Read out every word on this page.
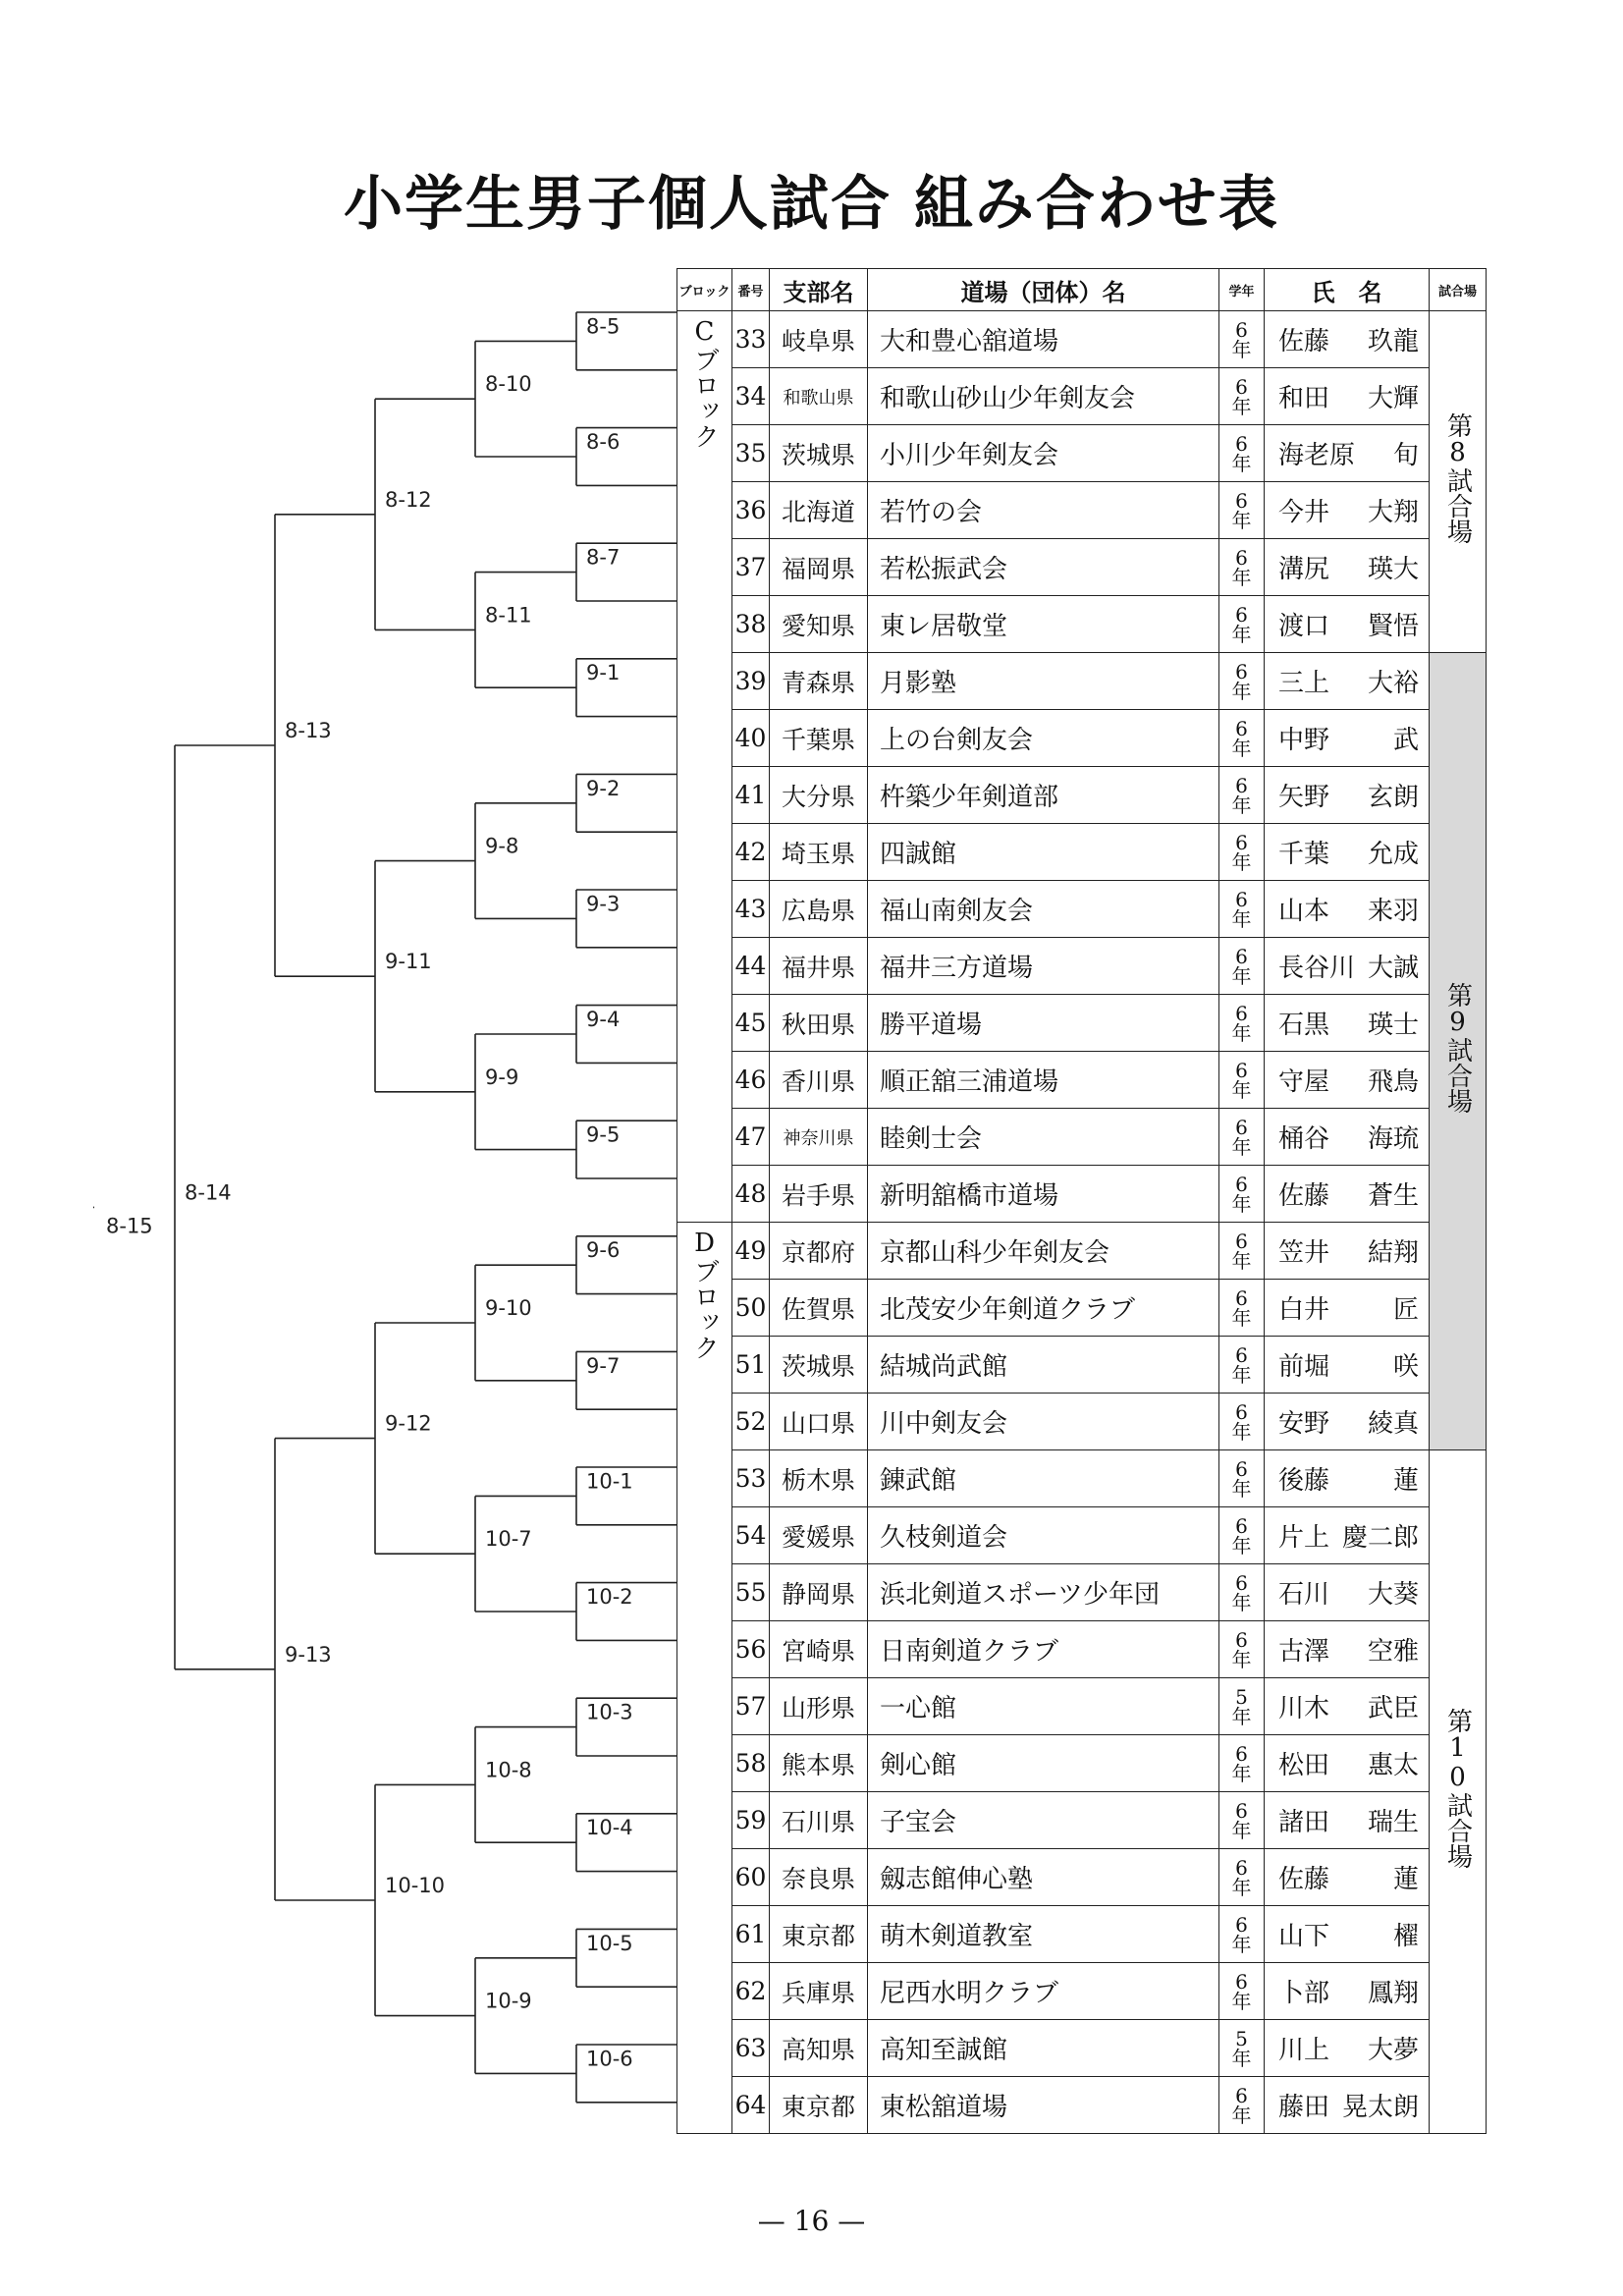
小学生男子個人試合 組み合わせ表
8-5
8-6
8-7
9-1
9-2
9-3
9-4
9-5
9-6
9-7
10-1
10-2
10-3
10-4
10-5
10-6
8-10
8-11
9-8
9-9
9-10
10-7
10-8
10-9
8-12
9-11
9-12
10-10
8-13
9-13
8-14
8-15
ブロック	番号	支部名	道場（団体）名	学年	氏　名	試合場
Cブロック	33	岐阜県	大和豊心舘道場	6
年	佐藤 玖龍	第8試合場
	34	和歌山県	和歌山砂山少年剣友会	6
年	和田 大輝	

	35	茨城県	小川少年剣友会	6
年	海老原 旬	

	36	北海道	若竹の会	6
年	今井 大翔	

	37	福岡県	若松振武会	6
年	溝尻 瑛大	

	38	愛知県	東レ居敬堂	6
年	渡口 賢悟	

	39	青森県	月影塾	6
年	三上 大裕	第9試合場
	40	千葉県	上の台剣友会	6
年	中野 武	

	41	大分県	杵築少年剣道部	6
年	矢野 玄朗	

	42	埼玉県	四誠館	6
年	千葉 允成	

	43	広島県	福山南剣友会	6
年	山本 来羽	

	44	福井県	福井三方道場	6
年	長谷川 大誠	

	45	秋田県	勝平道場	6
年	石黒 瑛士	

	46	香川県	順正舘三浦道場	6
年	守屋 飛鳥	

	47	神奈川県	睦剣士会	6
年	桶谷 海琉	

	48	岩手県	新明舘橋市道場	6
年	佐藤 蒼生	

Dブロック	49	京都府	京都山科少年剣友会	6
年	笠井 結翔	

	50	佐賀県	北茂安少年剣道クラブ	6
年	白井 匠	

	51	茨城県	結城尚武館	6
年	前堀 咲	

	52	山口県	川中剣友会	6
年	安野 綾真	

	53	栃木県	錬武館	6
年	後藤 蓮	第10試合場
	54	愛媛県	久枝剣道会	6
年	片上 慶二郎	

	55	静岡県	浜北剣道スポーツ少年団	6
年	石川 大葵	

	56	宮崎県	日南剣道クラブ	6
年	古澤 空雅	

	57	山形県	一心館	5
年	川木 武臣	

	58	熊本県	剣心館	6
年	松田 惠太	

	59	石川県	子宝会	6
年	諸田 瑞生	

	60	奈良県	劔志館伸心塾	6
年	佐藤 蓮	

	61	東京都	萌木剣道教室	6
年	山下 櫂	

	62	兵庫県	尼西水明クラブ	6
年	卜部 鳳翔	

	63	高知県	高知至誠館	5
年	川上 大夢	

	64	東京都	東松舘道場	6
年	藤田 晃太朗	
— 16 —
